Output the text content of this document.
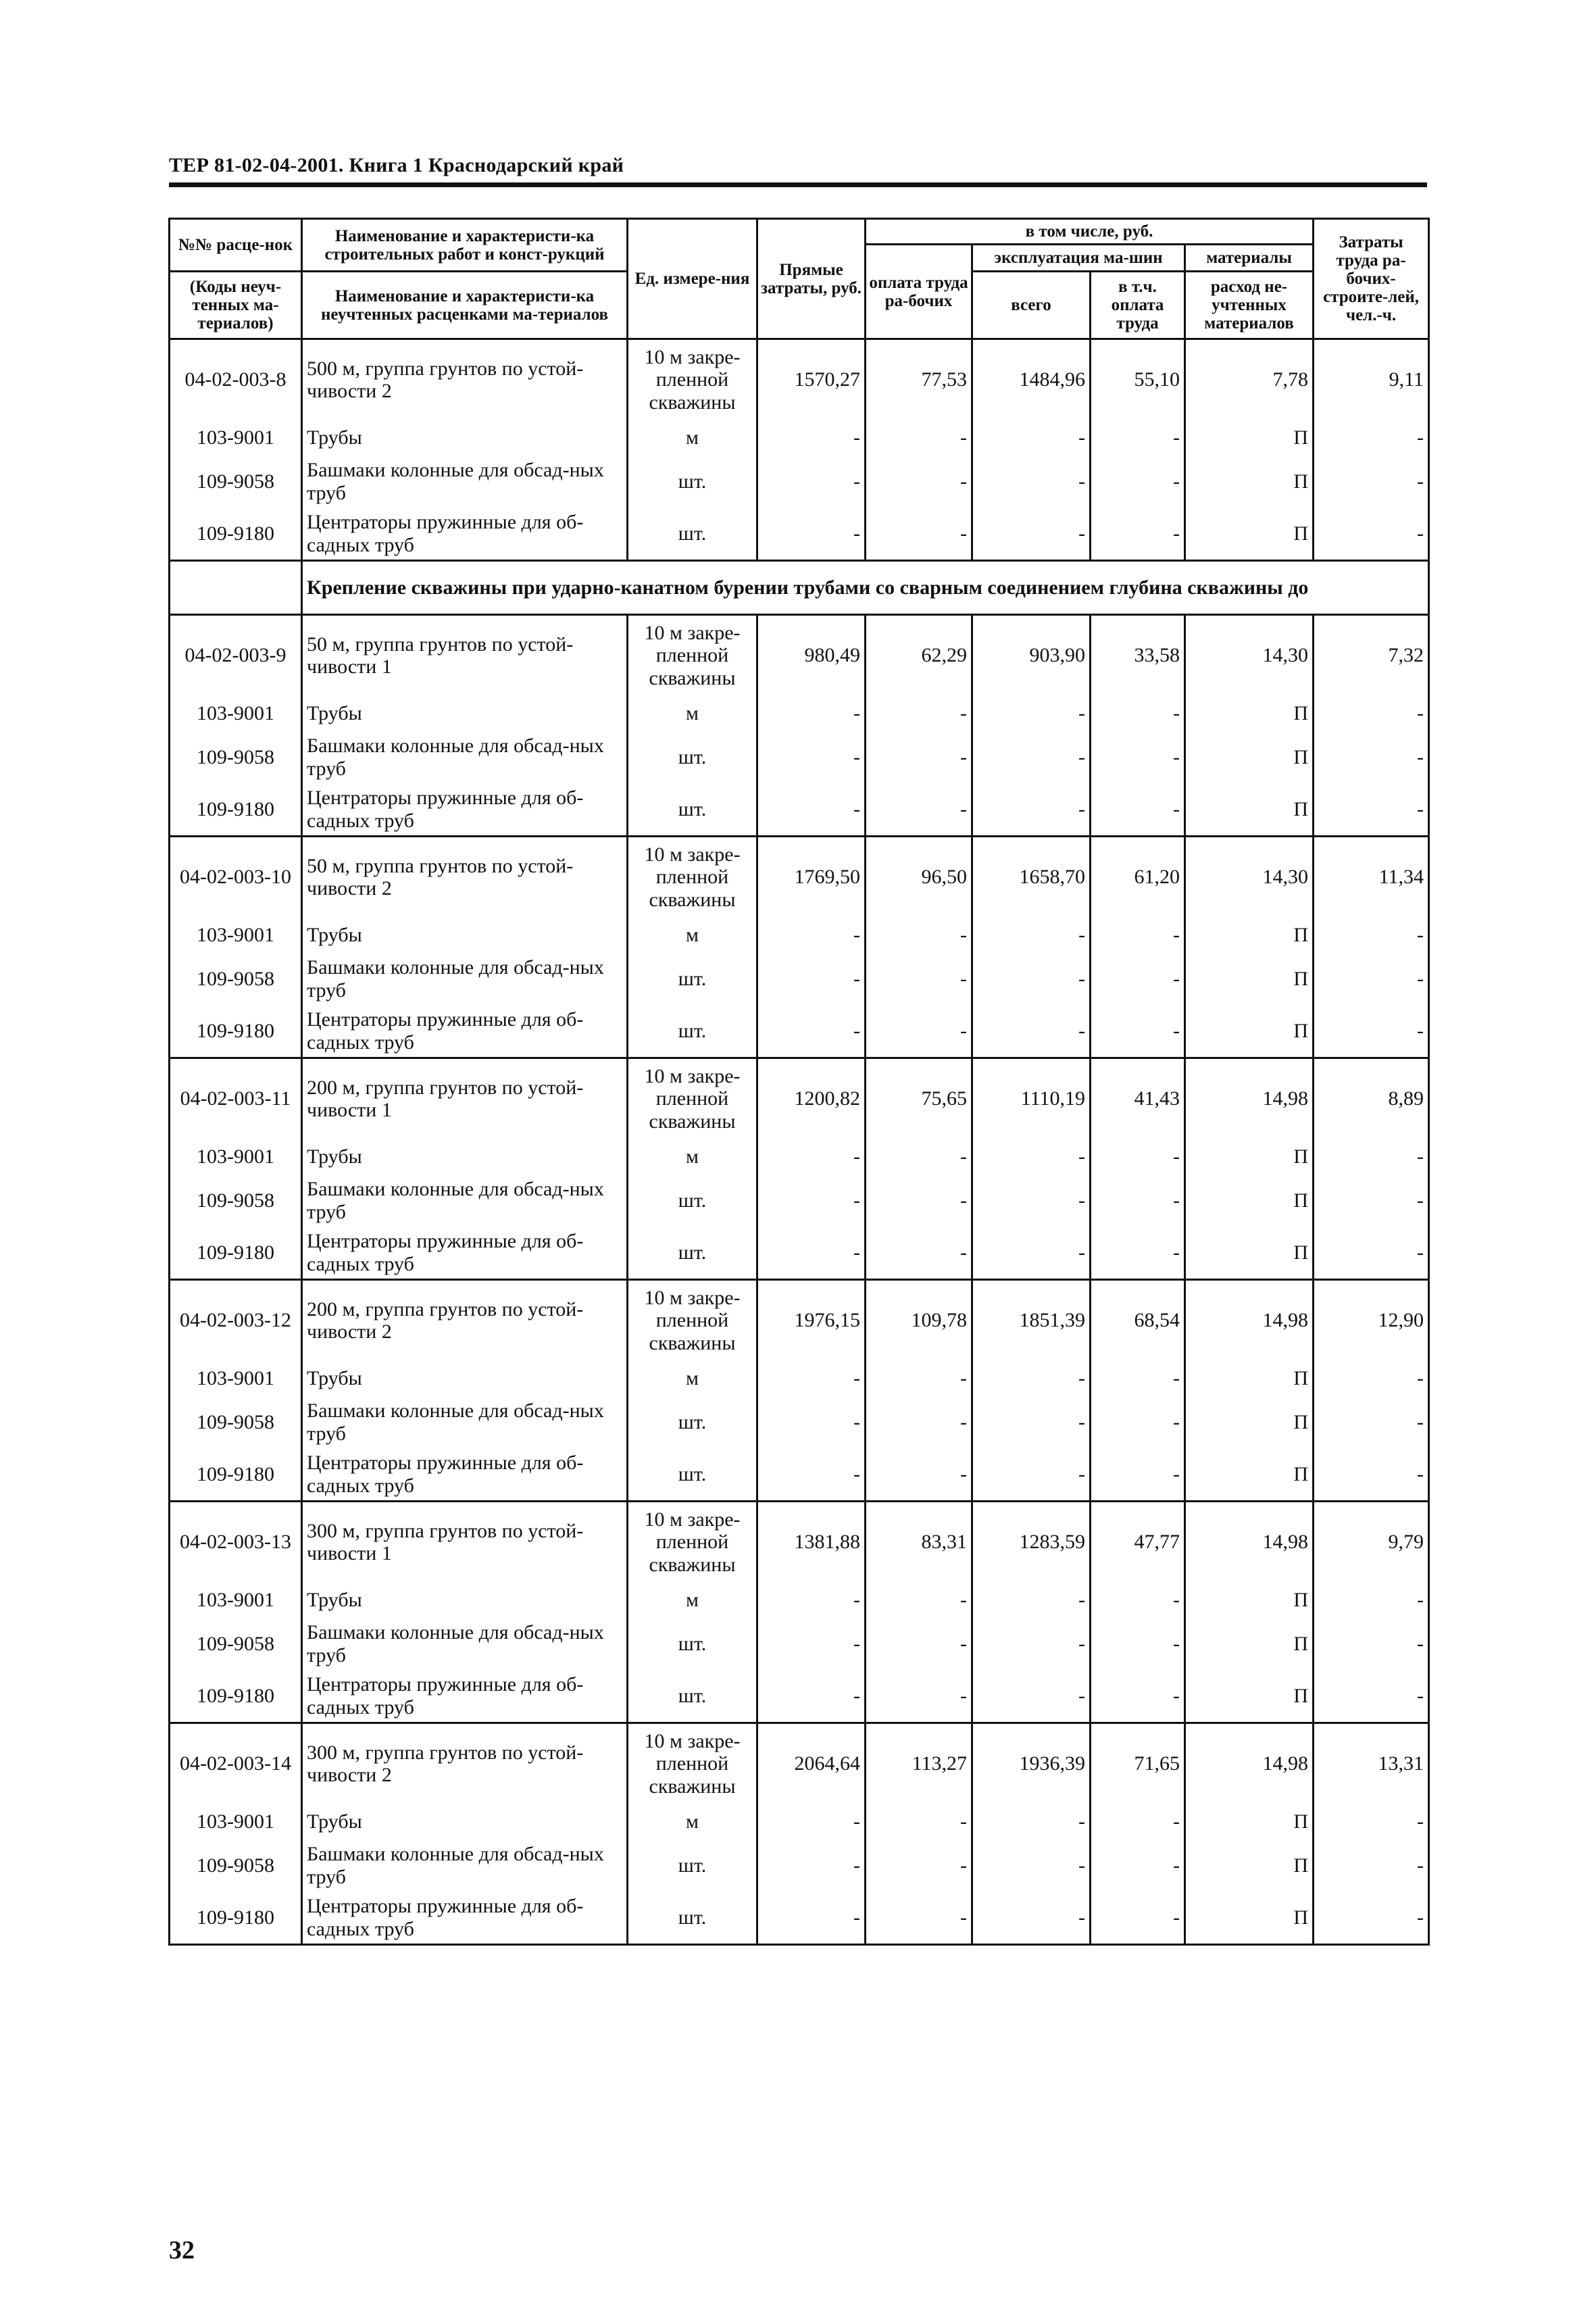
ТЕР 81-02-04-2001. Книга 1 Краснодарский край
№№ расце-нок	Наименование и характеристи-ка строительных работ и конст-рукций	Ед. измере-ния	Прямые затраты, руб.	в том числе, руб.				Затраты труда ра-бочих-строите-лей, чел.-ч.
				оплата труда ра-бочих	эксплуатация ма-шин		материалы	
(Коды неуч-тенных ма-териалов)	Наименование и характеристи-ка неучтенных расценками ма-териалов				всего	в т.ч. оплата труда	расход не-учтенных материалов	

04-02-003-8	500 м, группа грунтов по устой-чивости 2	10 м закре-пленной скважины	1570,27	77,53	1484,96	55,10	7,78	9,11
103-9001	Трубы	м	-	-	-	-	П	-
109-9058	Башмаки колонные для обсад-ных труб	шт.	-	-	-	-	П	-
109-9180	Центраторы пружинные для об-садных труб	шт.	-	-	-	-	П	-
	Крепление скважины при ударно-канатном бурении трубами со сварным соединением глубина скважины до							
04-02-003-9	50 м, группа грунтов по устой-чивости 1	10 м закре-пленной скважины	980,49	62,29	903,90	33,58	14,30	7,32
103-9001	Трубы	м	-	-	-	-	П	-
109-9058	Башмаки колонные для обсад-ных труб	шт.	-	-	-	-	П	-
109-9180	Центраторы пружинные для об-садных труб	шт.	-	-	-	-	П	-
04-02-003-10	50 м, группа грунтов по устой-чивости 2	10 м закре-пленной скважины	1769,50	96,50	1658,70	61,20	14,30	11,34
103-9001	Трубы	м	-	-	-	-	П	-
109-9058	Башмаки колонные для обсад-ных труб	шт.	-	-	-	-	П	-
109-9180	Центраторы пружинные для об-садных труб	шт.	-	-	-	-	П	-
04-02-003-11	200 м, группа грунтов по устой-чивости 1	10 м закре-пленной скважины	1200,82	75,65	1110,19	41,43	14,98	8,89
103-9001	Трубы	м	-	-	-	-	П	-
109-9058	Башмаки колонные для обсад-ных труб	шт.	-	-	-	-	П	-
109-9180	Центраторы пружинные для об-садных труб	шт.	-	-	-	-	П	-
04-02-003-12	200 м, группа грунтов по устой-чивости 2	10 м закре-пленной скважины	1976,15	109,78	1851,39	68,54	14,98	12,90
103-9001	Трубы	м	-	-	-	-	П	-
109-9058	Башмаки колонные для обсад-ных труб	шт.	-	-	-	-	П	-
109-9180	Центраторы пружинные для об-садных труб	шт.	-	-	-	-	П	-
04-02-003-13	300 м, группа грунтов по устой-чивости 1	10 м закре-пленной скважины	1381,88	83,31	1283,59	47,77	14,98	9,79
103-9001	Трубы	м	-	-	-	-	П	-
109-9058	Башмаки колонные для обсад-ных труб	шт.	-	-	-	-	П	-
109-9180	Центраторы пружинные для об-садных труб	шт.	-	-	-	-	П	-
04-02-003-14	300 м, группа грунтов по устой-чивости 2	10 м закре-пленной скважины	2064,64	113,27	1936,39	71,65	14,98	13,31
103-9001	Трубы	м	-	-	-	-	П	-
109-9058	Башмаки колонные для обсад-ных труб	шт.	-	-	-	-	П	-
109-9180	Центраторы пружинные для об-садных труб	шт.	-	-	-	-	П	-
32
